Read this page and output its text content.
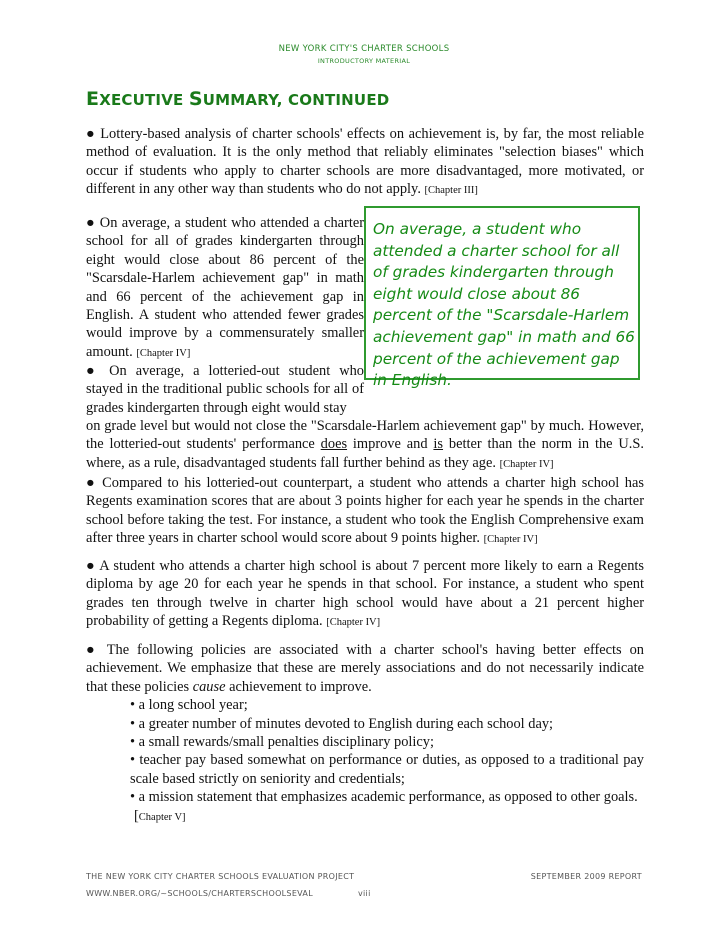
NEW YORK CITY'S CHARTER SCHOOLS
INTRODUCTORY MATERIAL
EXECUTIVE SUMMARY, CONTINUED

● Lottery-based analysis of charter schools' effects on achievement is, by far, the most reliable method of evaluation. It is the only method that reliably eliminates "selection biases" which occur if students who apply to charter schools are more disadvantaged, more motivated, or different in any other way than students who do not apply. [Chapter III]

● On average, a student who attended a charter school for all of grades kindergarten through eight would close about 86 percent of the "Scarsdale-Harlem achievement gap" in math and 66 percent of the achievement gap in English. A student who attended fewer grades would improve by a commensurately smaller amount. [Chapter IV]

● On average, a lotteried-out student who stayed in the traditional public schools for all of grades kindergarten through eight would stay

on grade level but would not close the "Scarsdale-Harlem achievement gap" by much. However, the lotteried-out students' performance does improve and is better than the norm in the U.S. where, as a rule, disadvantaged students fall further behind as they age. [Chapter IV]

On average, a student who attended a charter school for all of grades kindergarten through eight would close about 86 percent of the "Scarsdale-Harlem achievement gap" in math and 66 percent of the achievement gap in English.

● Compared to his lotteried-out counterpart, a student who attends a charter high school has Regents examination scores that are about 3 points higher for each year he spends in the charter school before taking the test. For instance, a student who took the English Comprehensive exam after three years in charter school would score about 9 points higher. [Chapter IV]

● A student who attends a charter high school is about 7 percent more likely to earn a Regents diploma by age 20 for each year he spends in that school. For instance, a student who spent grades ten through twelve in charter high school would have about a 21 percent higher probability of getting a Regents diploma. [Chapter IV]

● The following policies are associated with a charter school's having better effects on achievement. We emphasize that these are merely associations and do not necessarily indicate that these policies cause achievement to improve.

• a long school year;
• a greater number of minutes devoted to English during each school day;
• a small rewards/small penalties disciplinary policy;
• teacher pay based somewhat on performance or duties, as opposed to a traditional pay scale based strictly on seniority and credentials;
• a mission statement that emphasizes academic performance, as opposed to other goals.
[Chapter V]
THE NEW YORK CITY CHARTER SCHOOLS EVALUATION PROJECT	SEPTEMBER 2009 REPORT
WWW.NBER.ORG/~SCHOOLS/CHARTERSCHOOLSEVAL	viii
